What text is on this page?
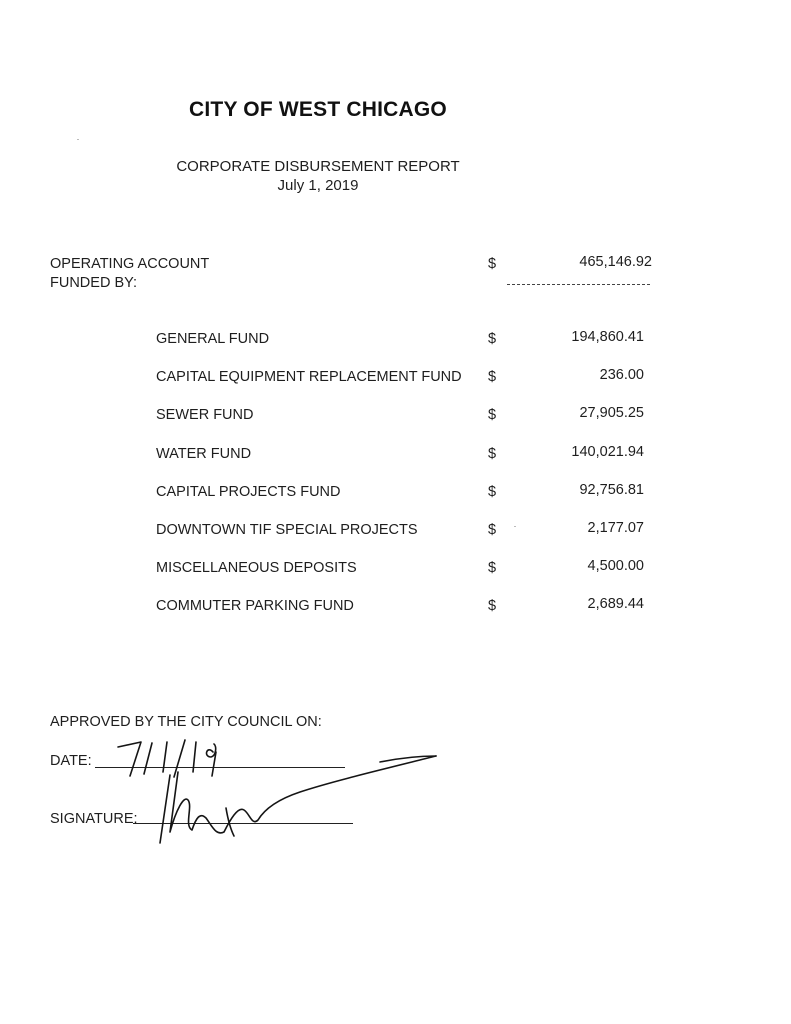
CITY OF WEST CHICAGO
CORPORATE DISBURSEMENT REPORT
July 1, 2019
OPERATING ACCOUNT
FUNDED BY:
$	465,146.92
GENERAL FUND	$	194,860.41
CAPITAL EQUIPMENT REPLACEMENT FUND $	236.00
SEWER FUND	$	27,905.25
WATER FUND	$	140,021.94
CAPITAL PROJECTS FUND	$	92,756.81
DOWNTOWN TIF SPECIAL PROJECTS	$	2,177.07
MISCELLANEOUS DEPOSITS	$	4,500.00
COMMUTER PARKING FUND	$	2,689.44
APPROVED BY THE CITY COUNCIL ON:
DATE:
SIGNATURE:
